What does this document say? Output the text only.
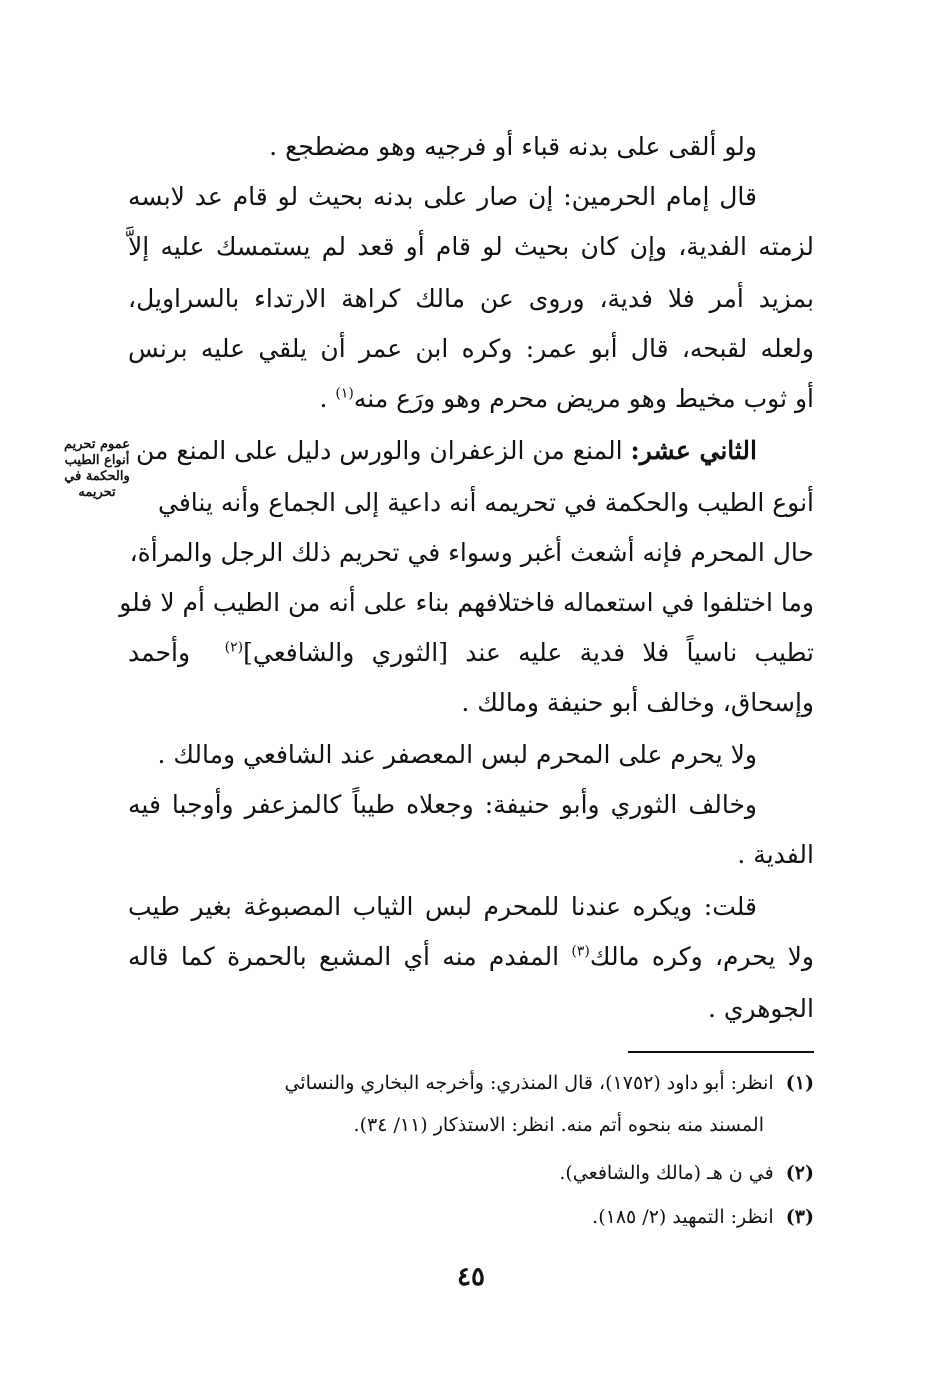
ولو ألقى على بدنه قباء أو فرجيه وهو مضطجع .
قال إمام الحرمين: إن صار على بدنه بحيث لو قام عد لابسه
لزمته الفدية، وإن كان بحيث لو قام أو قعد لم يستمسك عليه إلاَّ
بمزيد أمر فلا فدية، وروى عن مالك كراهة الارتداء بالسراويل،
ولعله لقبحه، قال أبو عمر: وكره ابن عمر أن يلقي عليه برنس
أو ثوب مخيط وهو مريض محرم وهو ورَع منه$^{(١)}$ .
الثاني عشر: المنع من الزعفران والورس دليل على المنع من
أنوع الطيب والحكمة في تحريمه أنه داعية إلى الجماع وأنه ينافي
حال المحرم فإنه أشعث أغبر وسواء في تحريم ذلك الرجل والمرأة،
عموم تحريم
أنواع الطيب
والحكمة في
تحريمه
وما اختلفوا في استعماله فاختلافهم بناء على أنه من الطيب أم لا فلو
تطيب ناسياً فلا فدية عليه عند [الثوري والشافعي]$^{(٢)}$  وأحمد
وإسحاق، وخالف أبو حنيفة ومالك .
ولا يحرم على المحرم لبس المعصفر عند الشافعي ومالك .
وخالف الثوري وأبو حنيفة: وجعلاه طيباً كالمزعفر وأوجبا فيه
الفدية .
قلت: ويكره عندنا للمحرم لبس الثياب المصبوغة بغير طيب
ولا يحرم، وكره مالك$^{(٣)}$ المفدم منه أي المشبع بالحمرة كما قاله
الجوهري .
(١)  انظر: أبو داود (١٧٥٢)، قال المنذري: وأخرجه البخاري والنسائي
المسند منه بنحوه أتم منه. انظر: الاستذكار (١١/ ٣٤).
(٢)  في ن هـ (مالك والشافعي).
(٣)  انظر: التمهيد (٢/ ١٨٥).
٤٥
